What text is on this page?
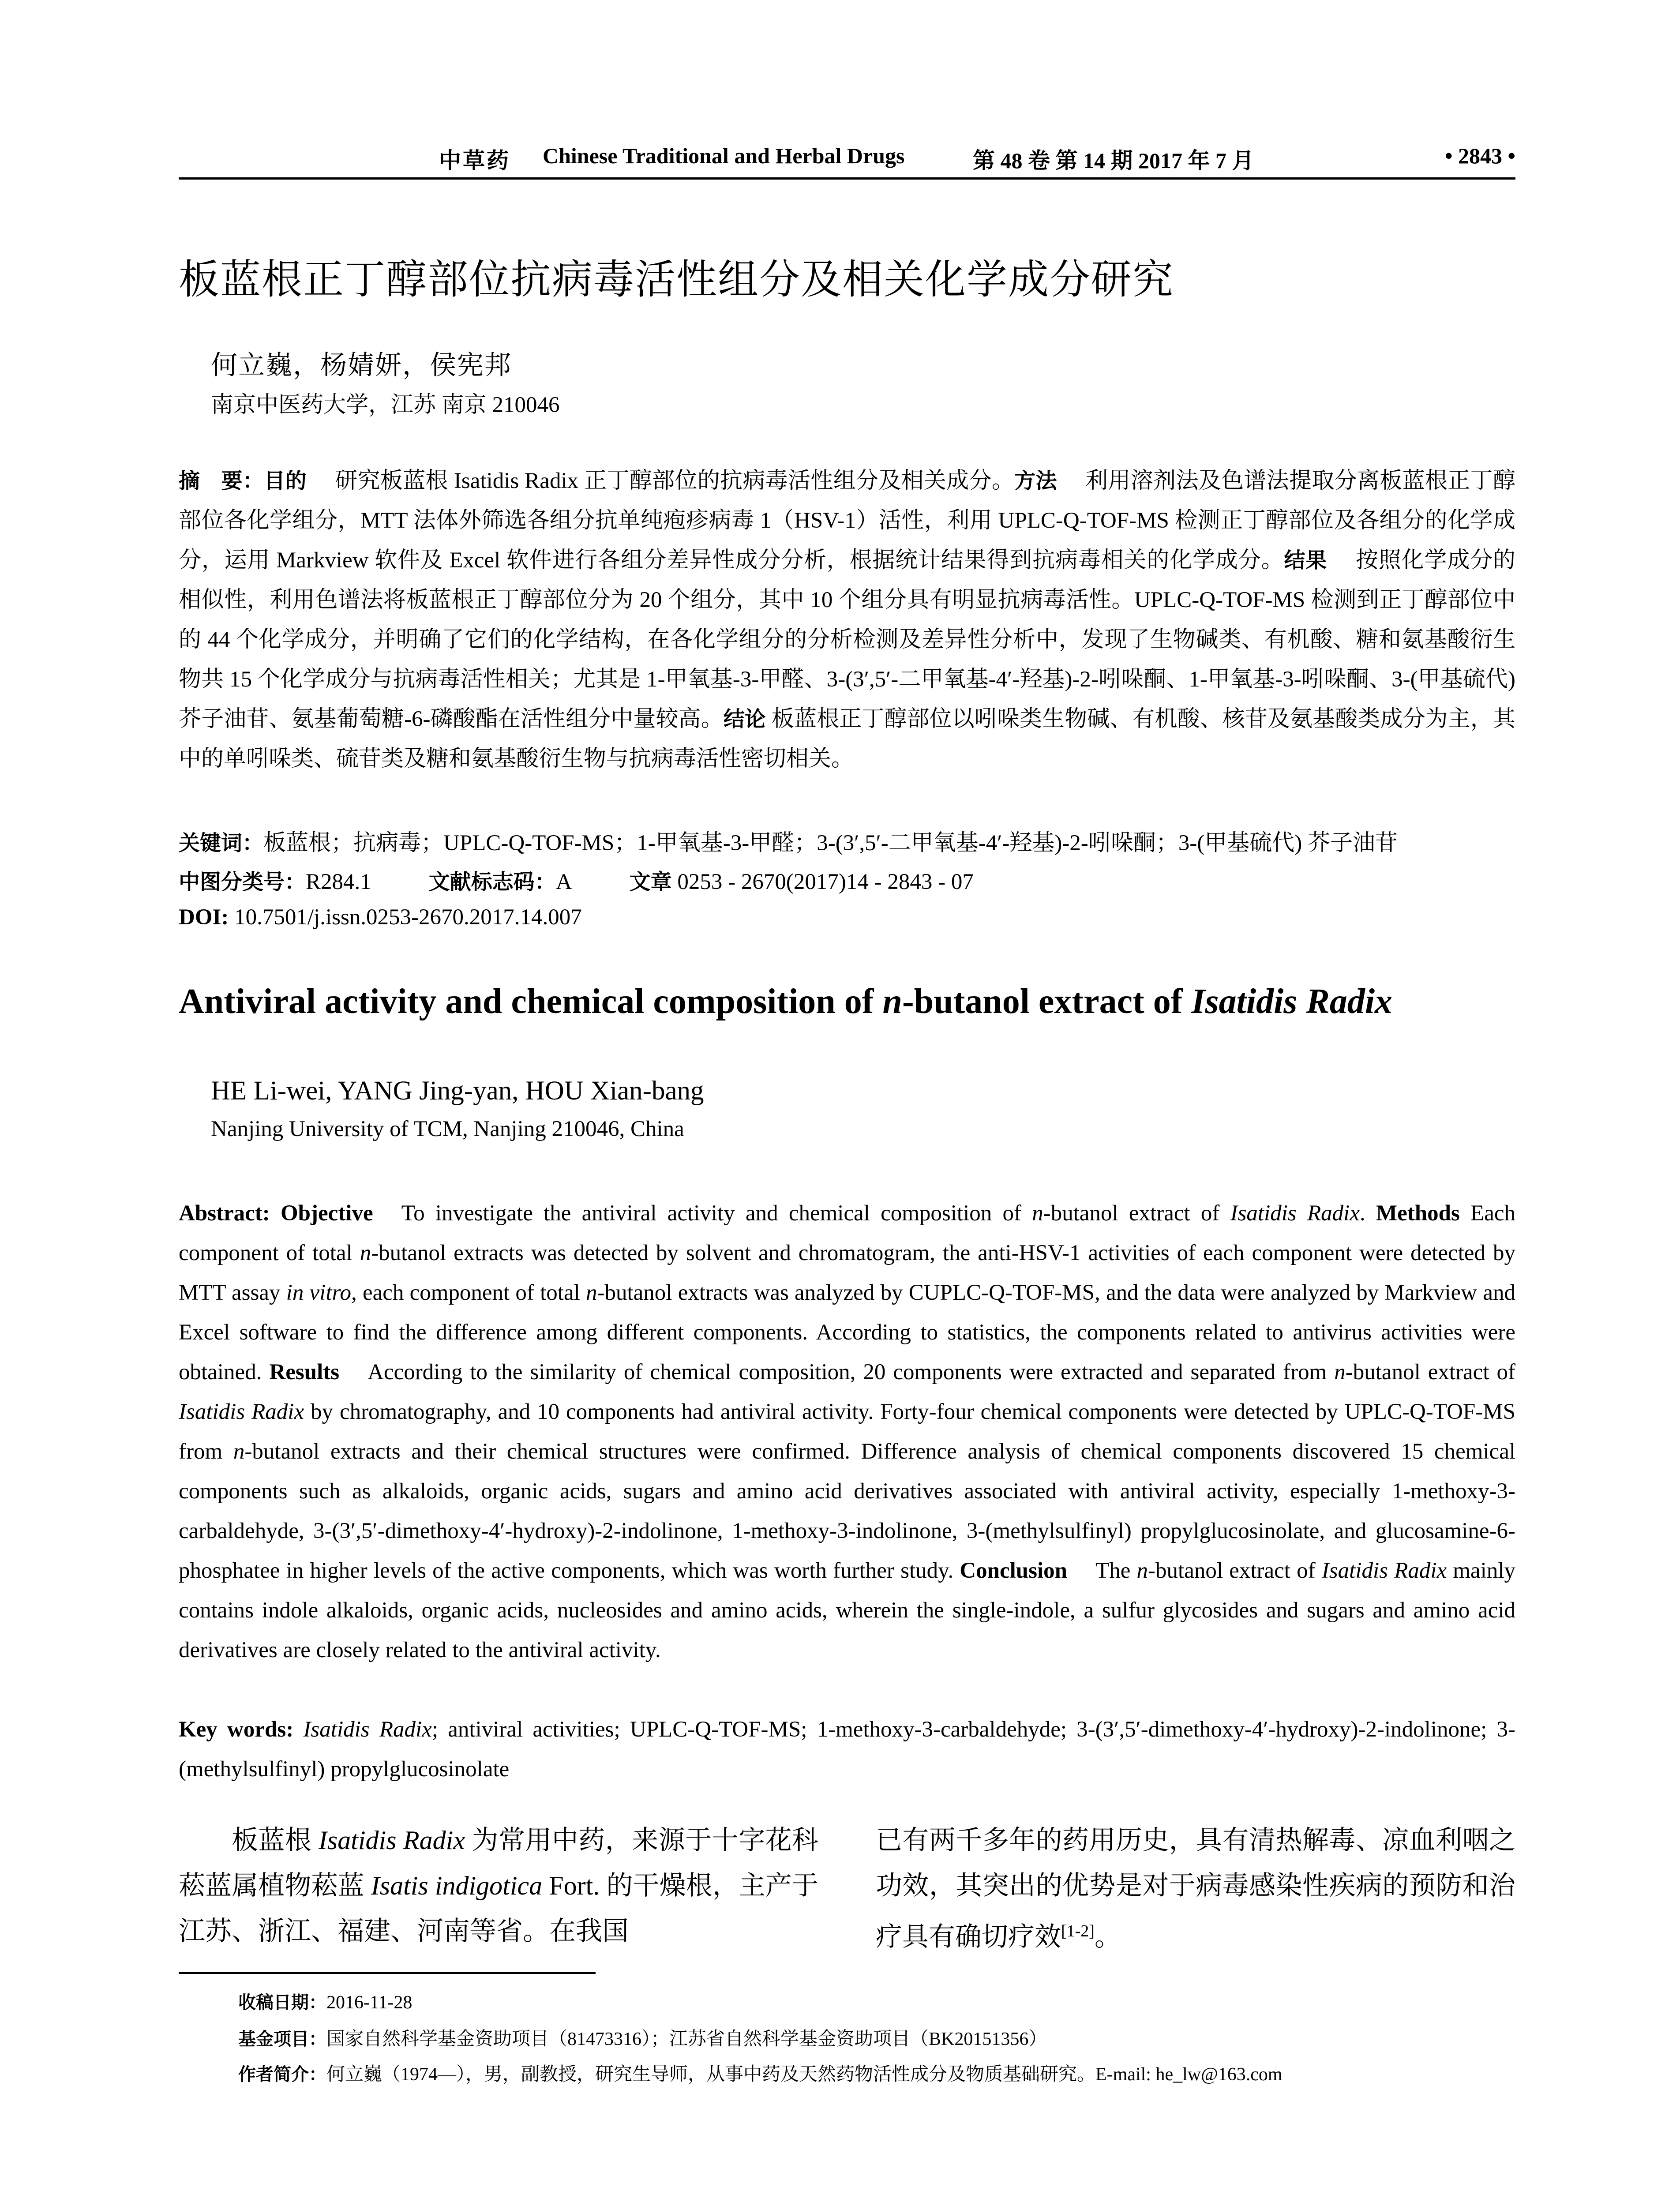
中草药 Chinese Traditional and Herbal Drugs	第 48 卷 第 14 期 2017 年 7 月	• 2843 •
板蓝根正丁醇部位抗病毒活性组分及相关化学成分研究
何立巍，杨婧妍，侯宪邦
南京中医药大学，江苏 南京 210046
摘　要：目的 研究板蓝根 Isatidis Radix 正丁醇部位的抗病毒活性组分及相关成分。方法 利用溶剂法及色谱法提取分离板蓝根正丁醇部位各化学组分，MTT 法体外筛选各组分抗单纯疱疹病毒 1（HSV-1）活性，利用 UPLC-Q-TOF-MS 检测正丁醇部位及各组分的化学成分，运用 Markview 软件及 Excel 软件进行各组分差异性成分分析，根据统计结果得到抗病毒相关的化学成分。结果 按照化学成分的相似性，利用色谱法将板蓝根正丁醇部位分为 20 个组分，其中 10 个组分具有明显抗病毒活性。UPLC-Q-TOF-MS 检测到正丁醇部位中的 44 个化学成分，并明确了它们的化学结构，在各化学组分的分析检测及差异性分析中，发现了生物碱类、有机酸、糖和氨基酸衍生物共 15 个化学成分与抗病毒活性相关；尤其是 1-甲氧基-3-甲醛、3-(3′,5′-二甲氧基-4′-羟基)-2-吲哚酮、1-甲氧基-3-吲哚酮、3-(甲基硫代) 芥子油苷、氨基葡萄糖-6-磷酸酯在活性组分中量较高。结论 板蓝根正丁醇部位以吲哚类生物碱、有机酸、核苷及氨基酸类成分为主，其中的单吲哚类、硫苷类及糖和氨基酸衍生物与抗病毒活性密切相关。
关键词：板蓝根；抗病毒；UPLC-Q-TOF-MS；1-甲氧基-3-甲醛；3-(3′,5′-二甲氧基-4′-羟基)-2-吲哚酮；3-(甲基硫代) 芥子油苷
中图分类号：R284.1	文献标志码：A	文章 0253 - 2670(2017)14 - 2843 - 07
DOI: 10.7501/j.issn.0253-2670.2017.14.007
Antiviral activity and chemical composition of n-butanol extract of Isatidis Radix
HE Li-wei, YANG Jing-yan, HOU Xian-bang
Nanjing University of TCM, Nanjing 210046, China
Abstract: Objective To investigate the antiviral activity and chemical composition of n-butanol extract of Isatidis Radix. Methods Each component of total n-butanol extracts was detected by solvent and chromatogram, the anti-HSV-1 activities of each component were detected by MTT assay in vitro, each component of total n-butanol extracts was analyzed by CUPLC-Q-TOF-MS, and the data were analyzed by Markview and Excel software to find the difference among different components. According to statistics, the components related to antivirus activities were obtained. Results According to the similarity of chemical composition, 20 components were extracted and separated from n-butanol extract of Isatidis Radix by chromatography, and 10 components had antiviral activity. Forty-four chemical components were detected by UPLC-Q-TOF-MS from n-butanol extracts and their chemical structures were confirmed. Difference analysis of chemical components discovered 15 chemical components such as alkaloids, organic acids, sugars and amino acid derivatives associated with antiviral activity, especially 1-methoxy-3-carbaldehyde, 3-(3′,5′-dimethoxy-4′-hydroxy)-2-indolinone, 1-methoxy-3-indolinone, 3-(methylsulfinyl) propylglucosinolate, and glucosamine-6-phosphatee in higher levels of the active components, which was worth further study. Conclusion The n-butanol extract of Isatidis Radix mainly contains indole alkaloids, organic acids, nucleosides and amino acids, wherein the single-indole, a sulfur glycosides and sugars and amino acid derivatives are closely related to the antiviral activity.
Key words: Isatidis Radix; antiviral activities; UPLC-Q-TOF-MS; 1-methoxy-3-carbaldehyde; 3-(3′,5′-dimethoxy-4′-hydroxy)-2-indolinone; 3-(methylsulfinyl) propylglucosinolate
板蓝根 Isatidis Radix 为常用中药，来源于十字花科菘蓝属植物菘蓝 Isatis indigotica Fort. 的干燥根，主产于江苏、浙江、福建、河南等省。在我国
已有两千多年的药用历史，具有清热解毒、凉血利咽之功效，其突出的优势是对于病毒感染性疾病的预防和治疗具有确切疗效[1-2]。
收稿日期：2016-11-28
基金项目：国家自然科学基金资助项目（81473316）；江苏省自然科学基金资助项目（BK20151356）
作者简介：何立巍（1974—），男，副教授，研究生导师，从事中药及天然药物活性成分及物质基础研究。E-mail: he_lw@163.com
